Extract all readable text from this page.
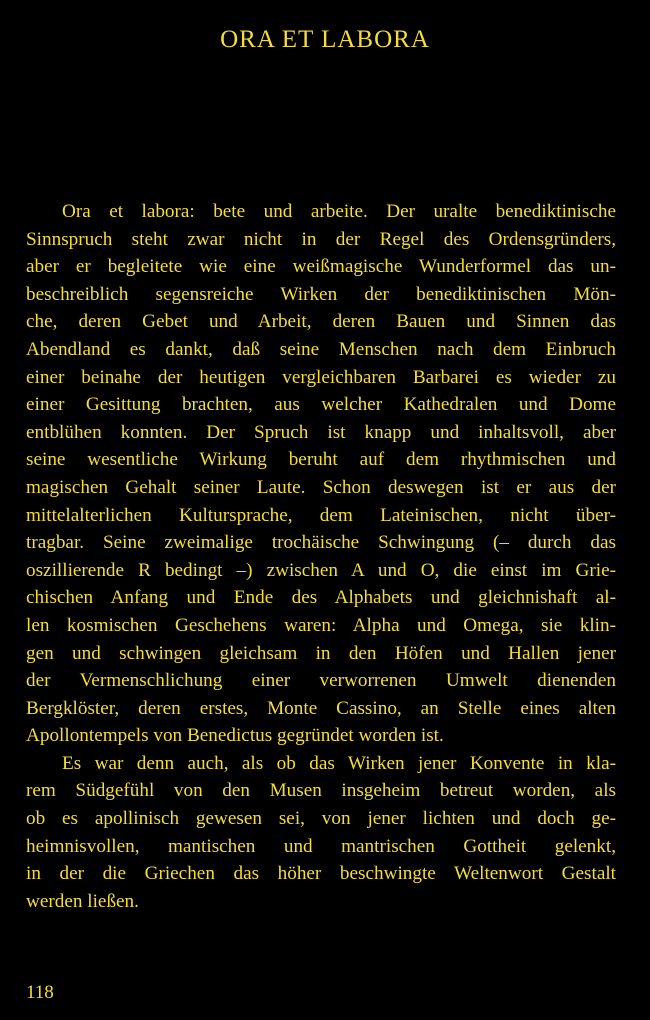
ORA ET LABORA

Ora et labora: bete und arbeite. Der uralte benediktinische
Sinnspruch steht zwar nicht in der Regel des Ordensgründers,
aber er begleitete wie eine weißmagische Wunderformel das un-
beschreiblich segensreiche Wirken der benediktinischen Mön-
che, deren Gebet und Arbeit, deren Bauen und Sinnen das
Abendland es dankt, daß seine Menschen nach dem Einbruch
einer beinahe der heutigen vergleichbaren Barbarei es wieder zu
einer Gesittung brachten, aus welcher Kathedralen und Dome
entblühen konnten. Der Spruch ist knapp und inhaltsvoll, aber
seine wesentliche Wirkung beruht auf dem rhythmischen und
magischen Gehalt seiner Laute. Schon deswegen ist er aus der
mittelalterlichen Kultursprache, dem Lateinischen, nicht über-
tragbar. Seine zweimalige trochäische Schwingung (– durch das
oszillierende R bedingt –) zwischen A und O, die einst im Grie-
chischen Anfang und Ende des Alphabets und gleichnishaft al-
len kosmischen Geschehens waren: Alpha und Omega, sie klin-
gen und schwingen gleichsam in den Höfen und Hallen jener
der Vermenschlichung einer verworrenen Umwelt dienenden
Bergklöster, deren erstes, Monte Cassino, an Stelle eines alten
Apollontempels von Benedictus gegründet worden ist.

Es war denn auch, als ob das Wirken jener Konvente in kla-
rem Südgefühl von den Musen insgeheim betreut worden, als
ob es apollinisch gewesen sei, von jener lichten und doch ge-
heimnisvollen, mantischen und mantrischen Gottheit gelenkt,
in der die Griechen das höher beschwingte Weltenwort Gestalt
werden ließen.

118
